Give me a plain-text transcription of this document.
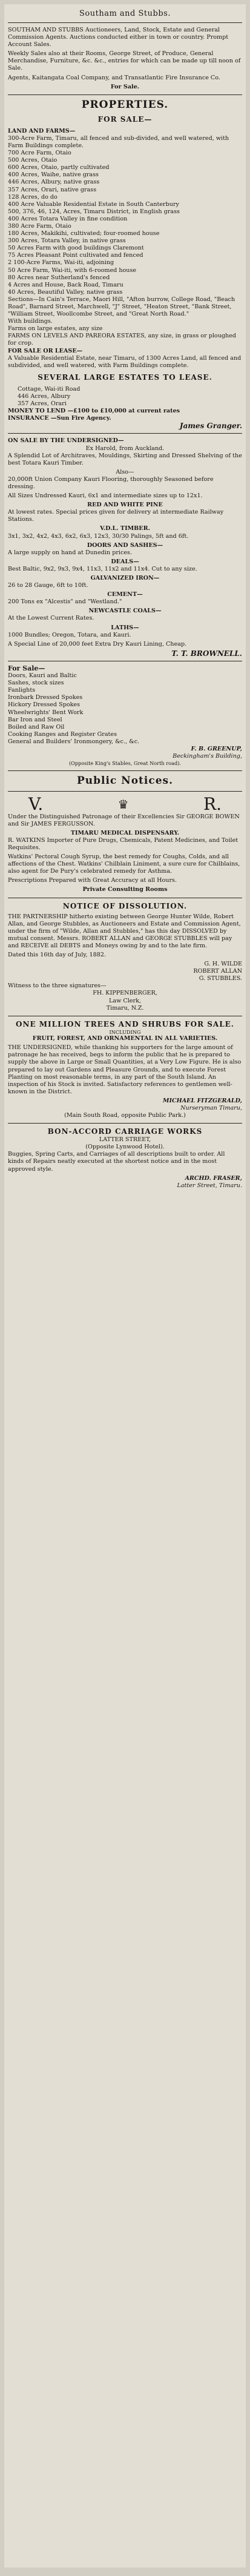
Southam and Stubbs.
SOUTHAM AND STUBBS Auctioneers, Land, Stock, Estate and General Commission Agents. Auctions conducted either in town or country. Prompt Account Sales.
Weekly Sales also at their Rooms, George Street, of Produce, General Merchandise, Furniture, &c. &c., entries for which can be made up till noon of Sale.
Agents, Kaitangata Coal Company, and Transatlantic Fire Insurance Co.
For Sale.
PROPERTIES.
FOR SALE—
LAND AND FARMS—
300-Acre Farm, Timaru, all fenced and sub-divided, and well watered, with Farm Buildings complete.
700 Acre Farm, Otaio
500 Acres, Otaio
600 Acres, Otaio, partly cultivated
400 Acres, Waihe, native grass
446 Acres, Albury, native grass
357 Acres, Orari, native grass
128 Acres, do do
400 Acre Valuable Residential Estate in South Canterbury
500, 376, 46, 124, Acres, Timaru District, in English grass
400 Acres Totara Valley in fine condition
380 Acre Farm, Otaio
180 Acres, Makikihi, cultivated; four-roomed house
300 Acres, Totara Valley, in native grass
50 Acres Farm with good buildings Claremont
75 Acres Pleasant Point cultivated and fenced
2 100-Acre Farms, Wai-iti, adjoining
50 Acre Farm, Wai-iti, with 6-roomed house
80 Acres near Sutherland's fenced
4 Acres and House, Back Road, Timaru
40 Acres, Beautiful Valley, native grass
Sections—In Cain's Terrace, Maori Hill, "Afton burrow, College Road, "Beach Road", Barnard Street, Marchwell, "J" Street, "Heaton Street, "Bank Street, "William Street, Woollcombe Street, and "Great North Road."
With buildings.
Farms on large estates, any size
FARMS ON LEVELS AND PAREORA ESTATES, any size, in grass or ploughed for crop.
FOR SALE OR LEASE—
A Valuable Residential Estate, near Timaru, of 1300 Acres Land, all fenced and subdivided, and well watered, with Farm Buildings complete.
SEVERAL LARGE ESTATES TO LEASE.
Cottage, Wai-iti Road
446 Acres, Albury
357 Acres, Orari
MONEY TO LEND —£100 to £10,000 at current rates
INSURANCE —Sun Fire Agency.
James Granger.
ON SALE BY THE UNDERSIGNED—
Ex Harold, from Auckland.
A Splendid Lot of Architraves, Mouldings, Skirting and Dressed Shelving of the best Totara Kauri Timber.
Also—
20,000ft Union Company Kauri Flooring, thoroughly Seasoned before dressing.
All Sizes Undressed Kauri, 6x1 and intermediate sizes up to 12x1.
RED AND WHITE PINE
At lowest rates. Special prices given for delivery at intermediate Railway Stations.
V.D.L. TIMBER.
3x1, 3x2, 4x2, 4x3, 6x2, 6x3, 12x3, 30/30 Palings, 5ft and 6ft.
DOORS AND SASHES—
A large supply on hand at Dunedin prices.
DEALS—
Best Baltic, 9x2, 9x3, 9x4, 11x3, 11x2 and 11x4. Cut to any size.
GALVANIZED IRON—
26 to 28 Gauge, 6ft to 10ft.
CEMENT—
200 Tons ex "Alcestis" and "Westland."
NEWCASTLE COALS—
At the Lowest Current Rates.
LATHS—
1000 Bundles; Oregon, Totara, and Kauri.
A Special Line of 20,000 feet Extra Dry Kauri Lining, Cheap.
T. T. BROWNELL.
For Sale—
Doors, Kauri and Baltic
Sashes, stock sizes
Fanlights
Ironbark Dressed Spokes
Hickory Dressed Spokes
Wheelwrights' Bent Work
Bar Iron and Steel
Boiled and Raw Oil
Cooking Ranges and Register Grates
General and Builders' Ironmongery, &c., &c.
F. B. GREENUP,
Beckingham's Building,
(Opposite King's Stables, Great North road).
Public Notices.
V.	♛	R.
Under the Distinguished Patronage of their Excellencies Sir GEORGE BOWEN and Sir JAMES FERGUSSON.
TIMARU MEDICAL DISPENSARY.
R. WATKINS Importer of Pure Drugs, Chemicals, Patent Medicines, and Toilet Requisites.
Watkins' Pectoral Cough Syrup, the best remedy for Coughs, Colds, and all affections of the Chest. Watkins' Chilblain Liniment, a sure cure for Chilblains, also agent for De Pury's celebrated remedy for Asthma.
Prescriptions Prepared with Great Accuracy at all Hours.
Private Consulting Rooms
NOTICE OF DISSOLUTION.
THE PARTNERSHIP hitherto existing between George Hunter Wilde, Robert Allan, and George Stubbles, as Auctioneers and Estate and Commission Agent, under the firm of "Wilde, Allan and Stubbles," has this day DISSOLVED by mutual consent. Messrs. ROBERT ALLAN and GEORGE STUBBLES will pay and RECEIVE all DEBTS and Moneys owing by and to the late firm.
Dated this 16th day of July, 1882.
G. H. WILDE
ROBERT ALLAN
G. STUBBLES.
Witness to the three signatures—
FH. KIPPENBERGER,
Law Clerk,
Timaru, N.Z.
ONE MILLION TREES AND SHRUBS FOR SALE.
INCLUDING
FRUIT, FOREST, AND ORNAMENTAL IN ALL VARIETIES.
THE UNDERSIGNED, while thanking his supporters for the large amount of patronage he has received, begs to inform the public that he is prepared to supply the above in Large or Small Quantities, at a Very Low Figure. He is also prepared to lay out Gardens and Pleasure Grounds, and to execute Forest Planting on most reasonable terms, in any part of the South Island. An inspection of his Stock is invited. Satisfactory references to gentlemen well-known in the District.
MICHAEL FITZGERALD,
Nurseryman Timaru,
(Main South Road, opposite Public Park.)
BON-ACCORD CARRIAGE WORKS
LATTER STREET,
(Opposite Lynwood Hotel).
Buggies, Spring Carts, and Carriages of all descriptions built to order. All kinds of Repairs neatly executed at the shortest notice and in the most approved style.
ARCHD. FRASER,
Latter Street, Timaru.
